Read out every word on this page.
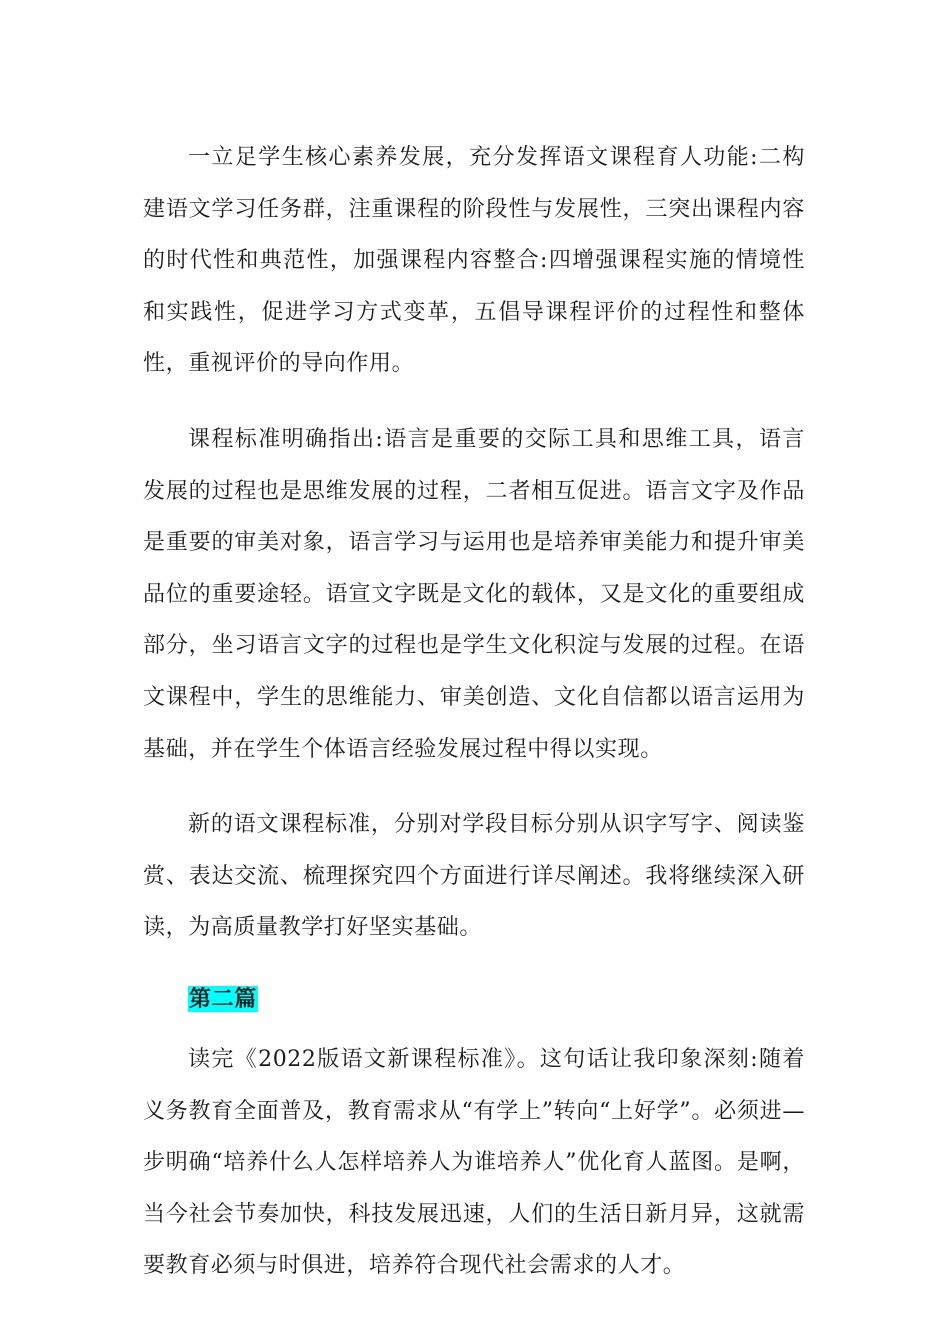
一立足学生核心素养发展，充分发挥语文课程育人功能:二构建语文学习任务群，注重课程的阶段性与发展性，三突出课程内容的时代性和典范性，加强课程内容整合:四增强课程实施的情境性和实践性，促进学习方式变革，五倡导课程评价的过程性和整体性，重视评价的导向作用。

课程标准明确指出:语言是重要的交际工具和思维工具，语言发展的过程也是思维发展的过程，二者相互促进。语言文字及作品是重要的审美对象，语言学习与运用也是培养审美能力和提升审美品位的重要途轻。语宣文字既是文化的载体，又是文化的重要组成部分，坐习语言文字的过程也是学生文化积淀与发展的过程。在语文课程中，学生的思维能力、审美创造、文化自信都以语言运用为基础，并在学生个体语言经验发展过程中得以实现。

新的语文课程标准，分别对学段目标分别从识字写字、阅读鉴赏、表达交流、梳理探究四个方面进行详尽阐述。我将继续深入研读，为高质量教学打好坚实基础。

第二篇

读完《2022版语文新课程标准》。这句话让我印象深刻:随着义务教育全面普及，教育需求从“有学上”转向“上好学”。必须进—步明确“培养什么人怎样培养人为谁培养人”优化育人蓝图。是啊，当今社会节奏加快，科技发展迅速，人们的生活日新月异，这就需要教育必须与时俱进，培养符合现代社会需求的人才。
